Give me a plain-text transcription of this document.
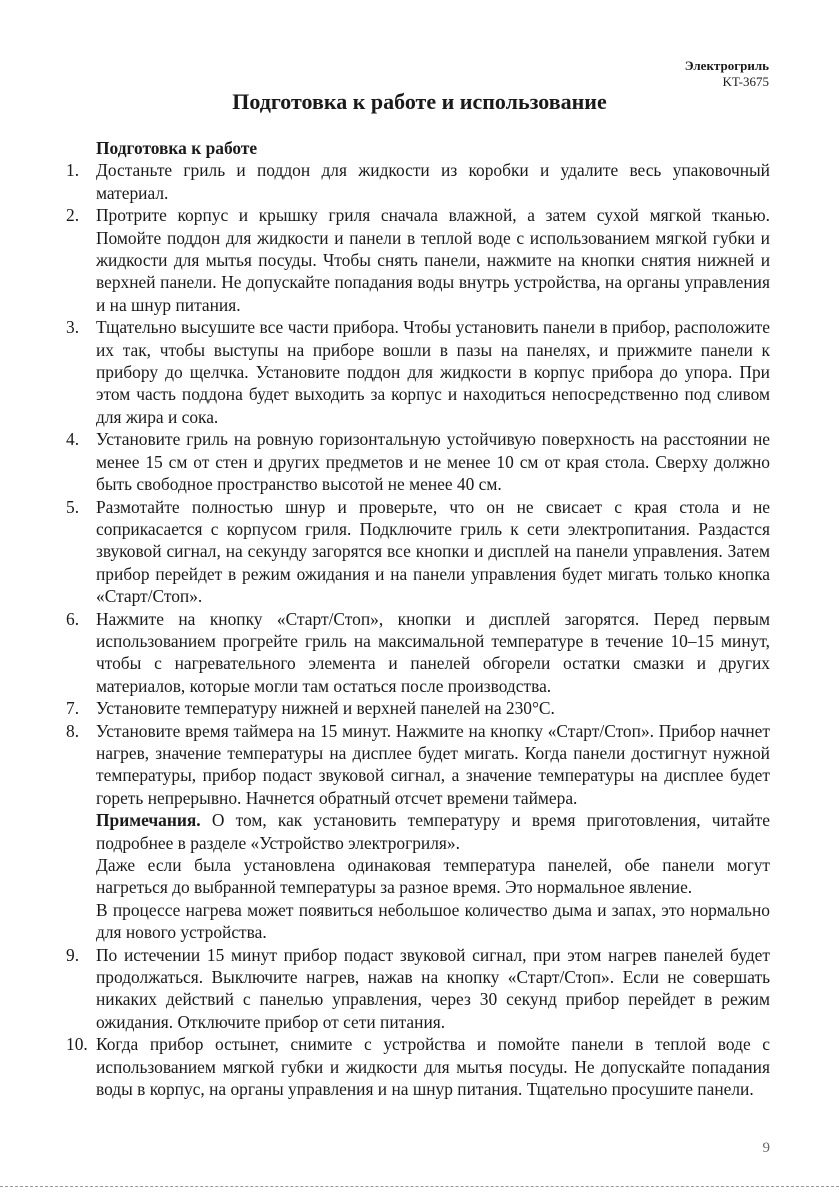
Электрогриль
KT-3675
Подготовка к работе и использование
Подготовка к работе
1. Достаньте гриль и поддон для жидкости из коробки и удалите весь упаковочный материал.
2. Протрите корпус и крышку гриля сначала влажной, а затем сухой мягкой тканью. Помойте поддон для жидкости и панели в теплой воде с использованием мягкой губки и жидкости для мытья посуды. Чтобы снять панели, нажмите на кнопки снятия нижней и верхней панели. Не допускайте попадания воды внутрь устройства, на органы управления и на шнур питания.
3. Тщательно высушите все части прибора. Чтобы установить панели в прибор, расположите их так, чтобы выступы на приборе вошли в пазы на панелях, и прижмите панели к прибору до щелчка. Установите поддон для жидкости в корпус прибора до упора. При этом часть поддона будет выходить за корпус и находиться непосредственно под сливом для жира и сока.
4. Установите гриль на ровную горизонтальную устойчивую поверхность на расстоянии не менее 15 см от стен и других предметов и не менее 10 см от края стола. Сверху должно быть свободное пространство высотой не менее 40 см.
5. Размотайте полностью шнур и проверьте, что он не свисает с края стола и не соприкасается с корпусом гриля. Подключите гриль к сети электропитания. Раздастся звуковой сигнал, на секунду загорятся все кнопки и дисплей на панели управления. Затем прибор перейдет в режим ожидания и на панели управления будет мигать только кнопка «Старт/Стоп».
6. Нажмите на кнопку «Старт/Стоп», кнопки и дисплей загорятся. Перед первым использованием прогрейте гриль на максимальной температуре в течение 10–15 минут, чтобы с нагревательного элемента и панелей обгорели остатки смазки и других материалов, которые могли там остаться после производства.
7. Установите температуру нижней и верхней панелей на 230°C.
8. Установите время таймера на 15 минут. Нажмите на кнопку «Старт/Стоп». Прибор начнет нагрев, значение температуры на дисплее будет мигать. Когда панели достигнут нужной температуры, прибор подаст звуковой сигнал, а значение температуры на дисплее будет гореть непрерывно. Начнется обратный отсчет времени таймера.
Примечания. О том, как установить температуру и время приготовления, читайте подробнее в разделе «Устройство электрогриля».
Даже если была установлена одинаковая температура панелей, обе панели могут нагреться до выбранной температуры за разное время. Это нормальное явление.
В процессе нагрева может появиться небольшое количество дыма и запах, это нормально для нового устройства.
9. По истечении 15 минут прибор подаст звуковой сигнал, при этом нагрев панелей будет продолжаться. Выключите нагрев, нажав на кнопку «Старт/Стоп». Если не совершать никаких действий с панелью управления, через 30 секунд прибор перейдет в режим ожидания. Отключите прибор от сети питания.
10. Когда прибор остынет, снимите с устройства и помойте панели в теплой воде с использованием мягкой губки и жидкости для мытья посуды. Не допускайте попадания воды в корпус, на органы управления и на шнур питания. Тщательно просушите панели.
9
